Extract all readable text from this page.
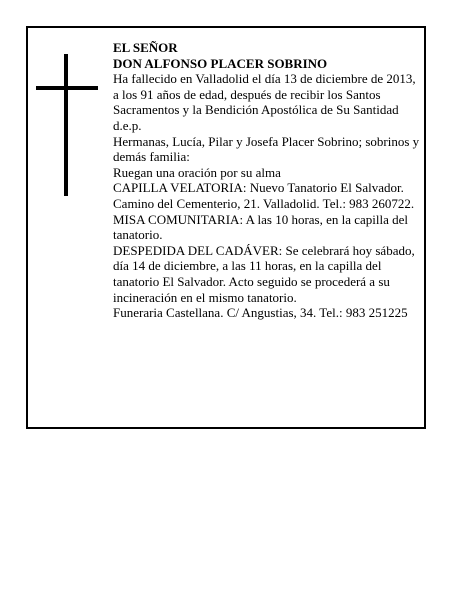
EL SEÑOR

DON ALFONSO PLACER SOBRINO

Ha fallecido en Valladolid el día 13 de diciembre de 2013, a los 91 años de edad, después de recibir los Santos Sacramentos y la Bendición Apostólica de Su Santidad

d.e.p.

Hermanas, Lucía, Pilar y Josefa Placer Sobrino; sobrinos y demás familia:

Ruegan una oración por su alma

CAPILLA VELATORIA: Nuevo Tanatorio El Salvador. Camino del Cementerio, 21. Valladolid. Tel.: 983 260722. MISA COMUNITARIA: A las 10 horas, en la capilla del tanatorio.

DESPEDIDA DEL CADÁVER: Se celebrará hoy sábado, día 14 de diciembre, a las 11 horas, en la capilla del tanatorio El Salvador. Acto seguido se procederá a su incineración en el mismo tanatorio.

Funeraria Castellana. C/ Angustias, 34. Tel.: 983 251225
